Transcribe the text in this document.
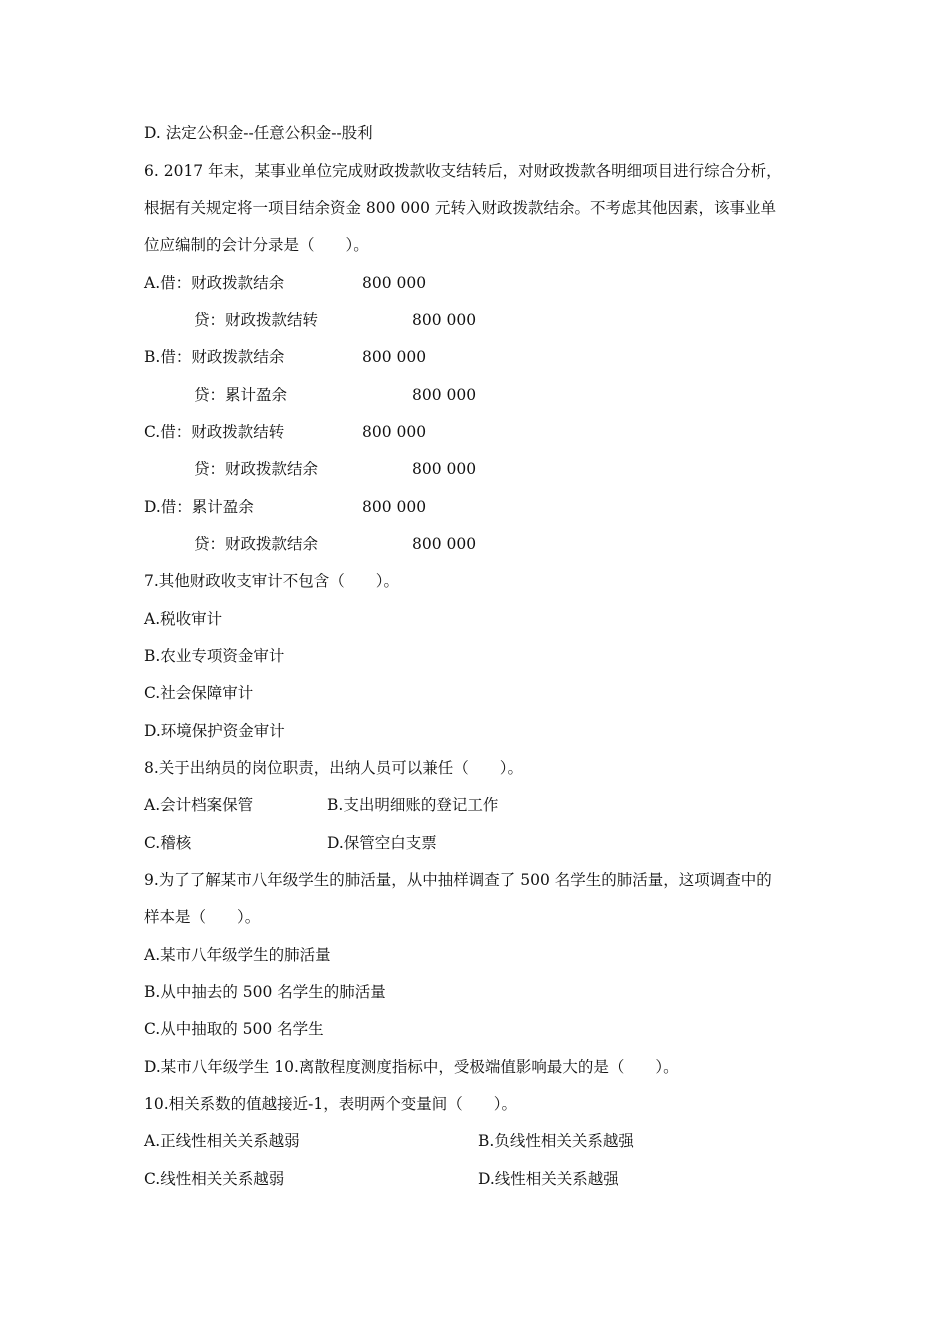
D. 法定公积金--任意公积金--股利
6. 2017 年末，某事业单位完成财政拨款收支结转后，对财政拨款各明细项目进行综合分析，
根据有关规定将一项目结余资金 800 000 元转入财政拨款结余。不考虑其他因素，该事业单
位应编制的会计分录是（　　）。
A.借：财政拨款结余	800 000
贷：财政拨款结转	800 000
B.借：财政拨款结余	800 000
贷：累计盈余	800 000
C.借：财政拨款结转	800 000
贷：财政拨款结余	800 000
D.借：累计盈余	800 000
贷：财政拨款结余	800 000
7.其他财政收支审计不包含（　　）。
A.税收审计
B.农业专项资金审计
C.社会保障审计
D.环境保护资金审计
8.关于出纳员的岗位职责，出纳人员可以兼任（　　）。
A.会计档案保管	B.支出明细账的登记工作
C.稽核	D.保管空白支票
9.为了了解某市八年级学生的肺活量，从中抽样调查了 500 名学生的肺活量，这项调查中的
样本是（　　）。
A.某市八年级学生的肺活量
B.从中抽去的 500 名学生的肺活量
C.从中抽取的 500 名学生
D.某市八年级学生 10.离散程度测度指标中，受极端值影响最大的是（　　）。
10.相关系数的值越接近-1，表明两个变量间（　　）。
A.正线性相关关系越弱	B.负线性相关关系越强
C.线性相关关系越弱	D.线性相关关系越强
